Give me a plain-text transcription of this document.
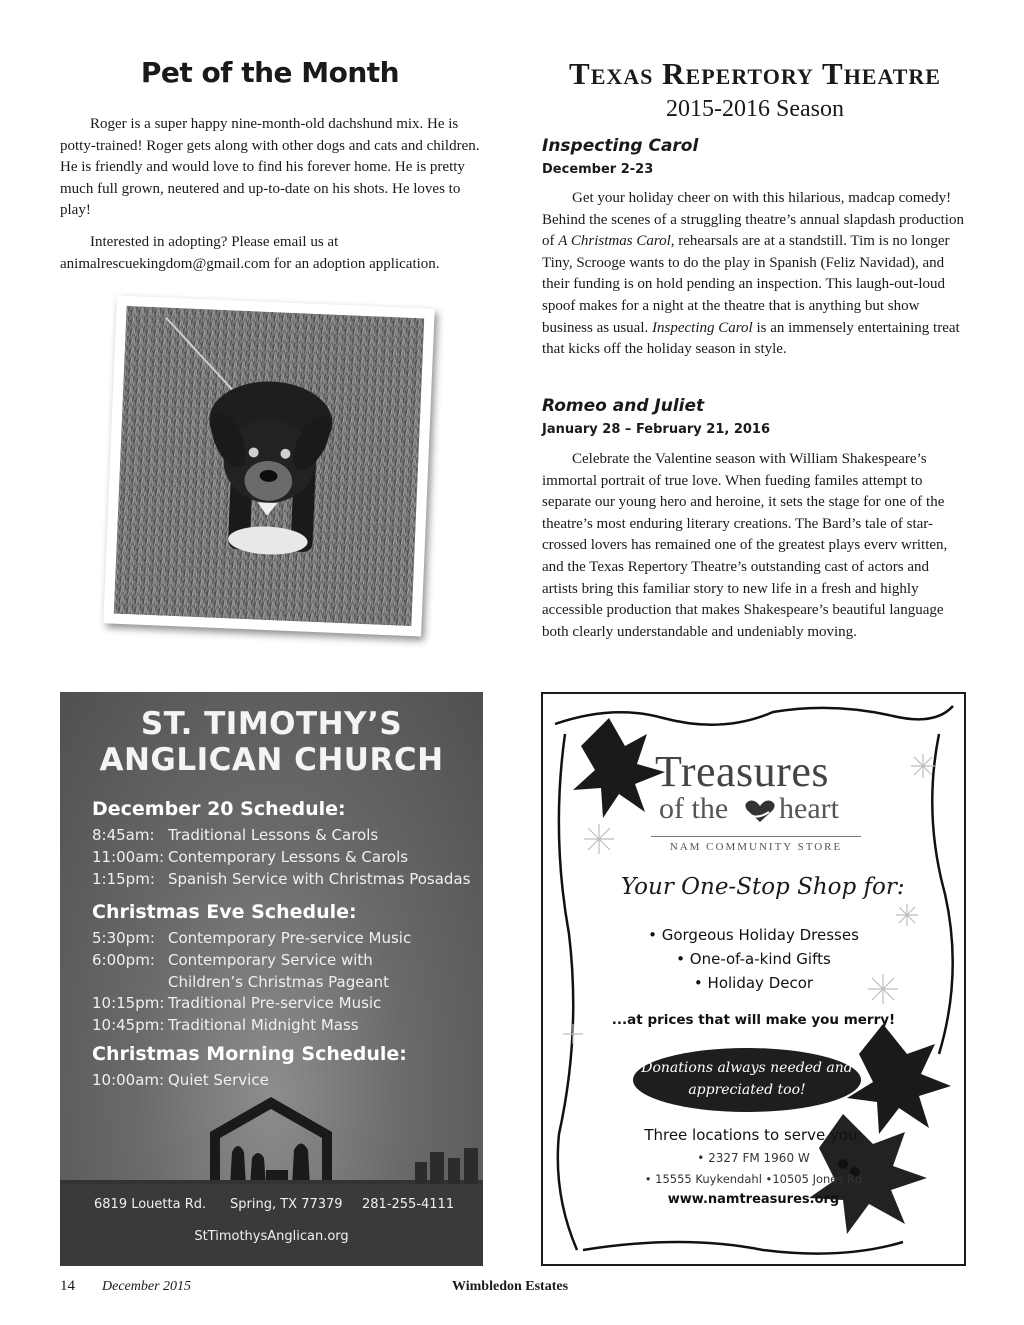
Pet of the Month

Roger is a super happy nine-month-old dachshund mix. He is potty-trained! Roger gets along with other dogs and cats and children. He is friendly and would love to find his forever home. He is pretty much full grown, neutered and up-to-date on his shots. He loves to play!

Interested in adopting? Please email us at
animalrescuekingdom@gmail.com for an adoption application.

Texas Repertory Theatre
2015-2016 Season
Inspecting Carol
December 2-23

Get your holiday cheer on with this hilarious, madcap comedy! Behind the scenes of a struggling theatre’s annual slapdash production of A Christmas Carol, rehearsals are at a standstill. Tim is no longer Tiny, Scrooge wants to do the play in Spanish (Feliz Navidad), and their funding is on hold pending an inspection. This laugh-out-loud spoof makes for a night at the theatre that is anything but show business as usual. Inspecting Carol is an immensely entertaining treat that kicks off the holiday season in style.

Romeo and Juliet
January 28 – February 21, 2016

Celebrate the Valentine season with William Shakespeare’s immortal portrait of true love. When fueding familes attempt to separate our young hero and heroine, it sets the stage for one of the theatre’s most enduring literary creations. The Bard’s tale of star-crossed lovers has remained one of the greatest plays everv written, and the Texas Repertory Theatre’s outstanding cast of actors and artists bring this familiar story to new life in a fresh and highly accessible production that makes Shakespeare’s beautiful language both clearly understandable and undeniably moving.

ST. TIMOTHY’S
ANGLICAN CHURCH
December 20 Schedule:
8:45am: Traditional Lessons & Carols
11:00am: Contemporary Lessons & Carols
1:15pm: Spanish Service with Christmas Posadas
Christmas Eve Schedule:
5:30pm: Contemporary Pre-service Music
6:00pm: Contemporary Service with
Children’s Christmas Pageant
10:15pm: Traditional Pre-service Music
10:45pm: Traditional Midnight Mass
Christmas Morning Schedule:
10:00am: Quiet Service
6819 Louetta Rd. Spring, TX 77379 281-255-4111
StTimothysAnglican.org
Treasures
of the heart
NAM COMMUNITY STORE
Your One-Stop Shop for:
• Gorgeous Holiday Dresses
• One-of-a-kind Gifts
• Holiday Decor
...at prices that will make you merry!
Donations always needed and
appreciated too!
Three locations to serve you:
• 2327 FM 1960 W
• 15555 Kuykendahl •10505 Jones Rd
www.namtreasures.org
14 December 2015	Wimbledon Estates
